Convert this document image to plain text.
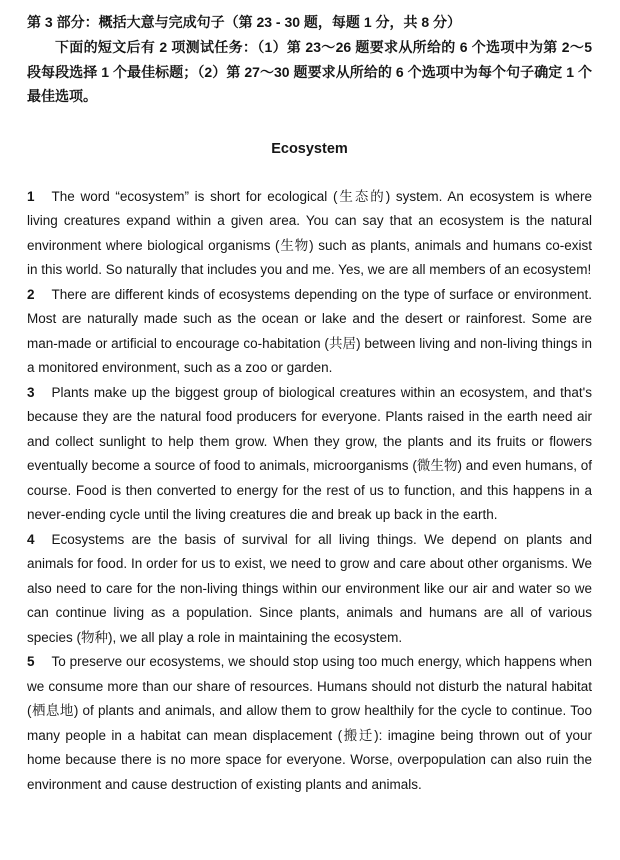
第 3 部分：概括大意与完成句子（第 23 - 30 题，每题 1 分，共 8 分）

下面的短文后有 2 项测试任务：（1）第 23～26 题要求从所给的 6 个选项中为第 2～5 段每段选择 1 个最佳标题；（2）第 27～30 题要求从所给的 6 个选项中为每个句子确定 1 个最佳选项。

Ecosystem

1 The word “ecosystem” is short for ecological (生态的) system. An ecosystem is where living creatures expand within a given area. You can say that an ecosystem is the natural environment where biological organisms (生物) such as plants, animals and humans co-exist in this world. So naturally that includes you and me. Yes, we are all members of an ecosystem!

2 There are different kinds of ecosystems depending on the type of surface or environment. Most are naturally made such as the ocean or lake and the desert or rainforest. Some are man-made or artificial to encourage co-habitation (共居) between living and non-living things in a monitored environment, such as a zoo or garden.

3 Plants make up the biggest group of biological creatures within an ecosystem, and that's because they are the natural food producers for everyone. Plants raised in the earth need air and collect sunlight to help them grow. When they grow, the plants and its fruits or flowers eventually become a source of food to animals, microorganisms (微生物) and even humans, of course. Food is then converted to energy for the rest of us to function, and this happens in a never-ending cycle until the living creatures die and break up back in the earth.

4 Ecosystems are the basis of survival for all living things. We depend on plants and animals for food. In order for us to exist, we need to grow and care about other organisms. We also need to care for the non-living things within our environment like our air and water so we can continue living as a population. Since plants, animals and humans are all of various species (物种), we all play a role in maintaining the ecosystem.

5 To preserve our ecosystems, we should stop using too much energy, which happens when we consume more than our share of resources. Humans should not disturb the natural habitat (栖息地) of plants and animals, and allow them to grow healthily for the cycle to continue. Too many people in a habitat can mean displacement (搬迁): imagine being thrown out of your home because there is no more space for everyone. Worse, overpopulation can also ruin the environment and cause destruction of existing plants and animals.
